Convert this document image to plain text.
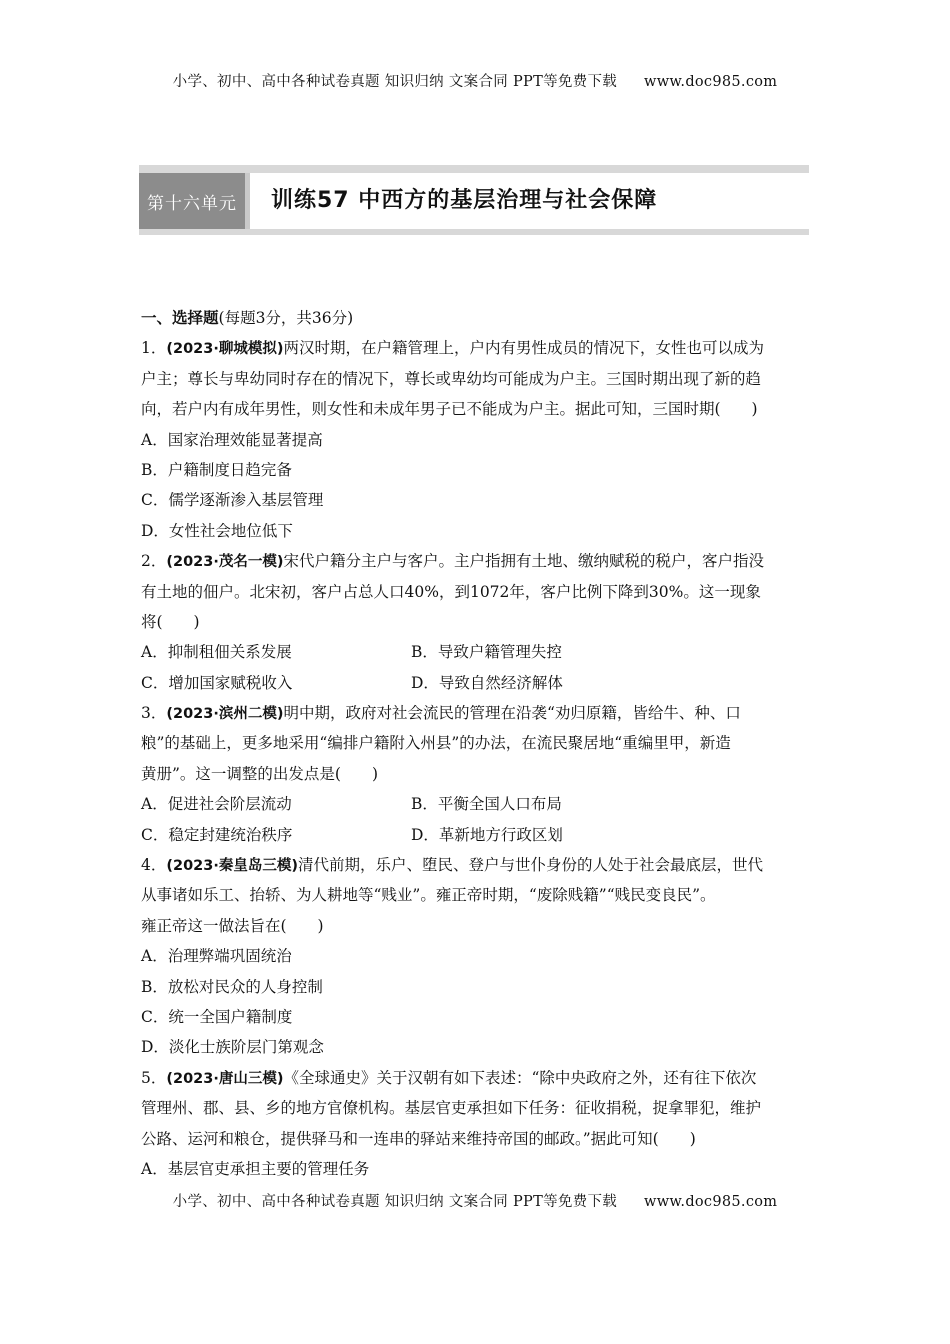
小学、初中、高中各种试卷真题 知识归纳 文案合同 PPT等免费下载 www.doc985.com
第十六单元	训练57 中西方的基层治理与社会保障
一、选择题(每题3分，共36分)
1．(2023·聊城模拟)两汉时期，在户籍管理上，户内有男性成员的情况下，女性也可以成为
户主；尊长与卑幼同时存在的情况下，尊长或卑幼均可能成为户主。三国时期出现了新的趋
向，若户内有成年男性，则女性和未成年男子已不能成为户主。据此可知，三国时期(　　)
A．国家治理效能显著提高
B．户籍制度日趋完备
C．儒学逐渐渗入基层管理
D．女性社会地位低下
2．(2023·茂名一模)宋代户籍分主户与客户。主户指拥有土地、缴纳赋税的税户，客户指没
有土地的佃户。北宋初，客户占总人口40%，到1072年，客户比例下降到30%。这一现象
将(　　)
A．抑制租佃关系发展	B．导致户籍管理失控
C．增加国家赋税收入	D．导致自然经济解体
3．(2023·滨州二模)明中期，政府对社会流民的管理在沿袭“劝归原籍，皆给牛、种、口
粮”的基础上，更多地采用“编排户籍附入州县”的办法，在流民聚居地“重编里甲，新造
黄册”。这一调整的出发点是(　　)
A．促进社会阶层流动	B．平衡全国人口布局
C．稳定封建统治秩序	D．革新地方行政区划
4．(2023·秦皇岛三模)清代前期，乐户、堕民、登户与世仆身份的人处于社会最底层，世代
从事诸如乐工、抬轿、为人耕地等“贱业”。雍正帝时期，“废除贱籍”“贱民变良民”。
雍正帝这一做法旨在(　　)
A．治理弊端巩固统治
B．放松对民众的人身控制
C．统一全国户籍制度
D．淡化士族阶层门第观念
5．(2023·唐山三模)《全球通史》关于汉朝有如下表述：“除中央政府之外，还有往下依次
管理州、郡、县、乡的地方官僚机构。基层官吏承担如下任务：征收捐税，捉拿罪犯，维护
公路、运河和粮仓，提供驿马和一连串的驿站来维持帝国的邮政。”据此可知(　　)
A．基层官吏承担主要的管理任务
小学、初中、高中各种试卷真题 知识归纳 文案合同 PPT等免费下载 www.doc985.com
